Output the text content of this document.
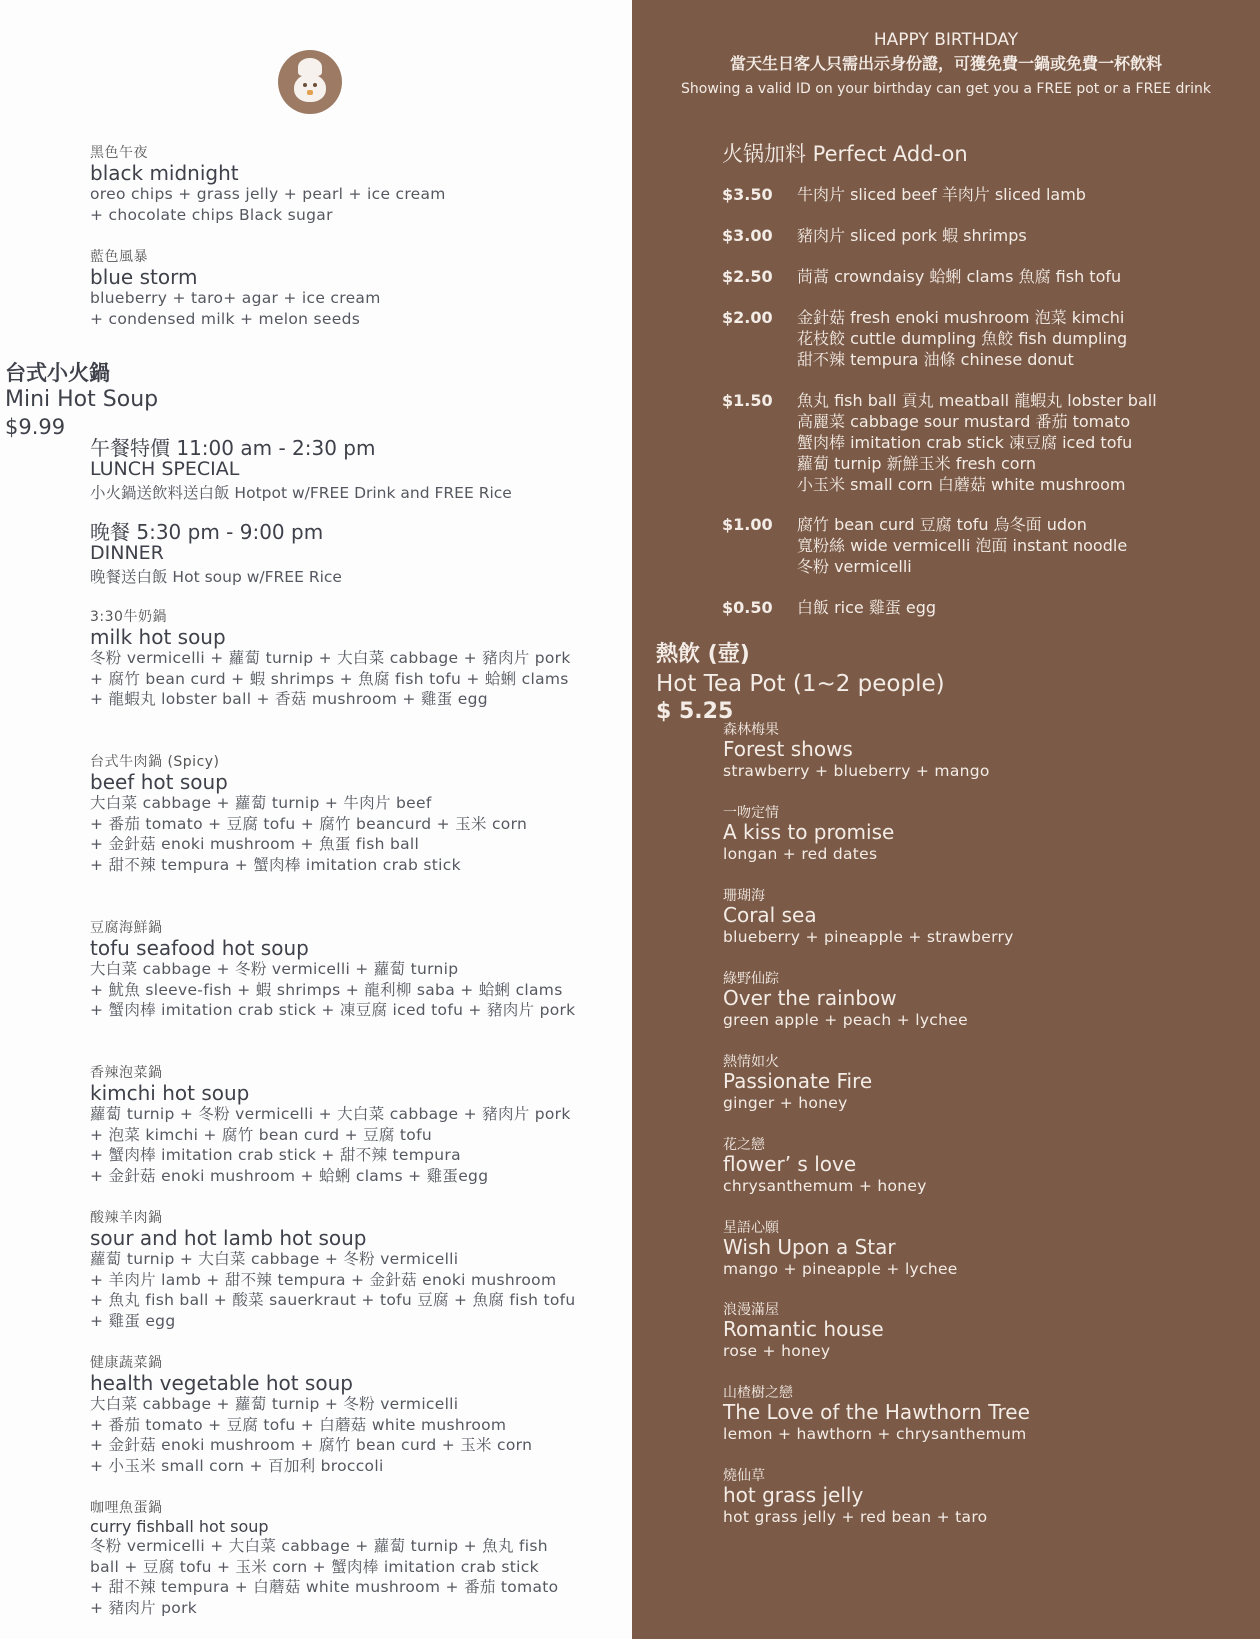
黑色午夜
black midnight
oreo chips + grass jelly + pearl + ice cream
+ chocolate chips Black sugar
藍色風暴
blue storm
blueberry + taro+ agar + ice cream
+ condensed milk + melon seeds
台式小火鍋
Mini Hot Soup
$9.99
午餐特價 11:00 am - 2:30 pm
LUNCH SPECIAL
小火鍋送飲料送白飯 Hotpot w/FREE Drink and FREE Rice
晚餐 5:30 pm - 9:00 pm
DINNER
晚餐送白飯 Hot soup w/FREE Rice
3:30牛奶鍋
milk hot soup
冬粉 vermicelli + 蘿蔔 turnip + 大白菜 cabbage + 豬肉片 pork
+ 腐竹 bean curd + 蝦 shrimps + 魚腐 fish tofu + 蛤蜊 clams
+ 龍蝦丸 lobster ball + 香菇 mushroom + 雞蛋 egg
台式牛肉鍋 (Spicy)
beef hot soup
大白菜 cabbage + 蘿蔔 turnip + 牛肉片 beef
+ 番茄 tomato + 豆腐 tofu + 腐竹 beancurd + 玉米 corn
+ 金針菇 enoki mushroom + 魚蛋 fish ball
+ 甜不辣 tempura + 蟹肉棒 imitation crab stick
豆腐海鮮鍋
tofu seafood hot soup
大白菜 cabbage + 冬粉 vermicelli + 蘿蔔 turnip
+ 魷魚 sleeve-fish + 蝦 shrimps + 龍利柳 saba + 蛤蜊 clams
+ 蟹肉棒 imitation crab stick + 凍豆腐 iced tofu + 豬肉片 pork
香辣泡菜鍋
kimchi hot soup
蘿蔔 turnip + 冬粉 vermicelli + 大白菜 cabbage + 豬肉片 pork
+ 泡菜 kimchi + 腐竹 bean curd + 豆腐 tofu
+ 蟹肉棒 imitation crab stick + 甜不辣 tempura
+ 金針菇 enoki mushroom + 蛤蜊 clams + 雞蛋egg
酸辣羊肉鍋
sour and hot lamb hot soup
蘿蔔 turnip + 大白菜 cabbage + 冬粉 vermicelli
+ 羊肉片 lamb + 甜不辣 tempura + 金針菇 enoki mushroom
+ 魚丸 fish ball + 酸菜 sauerkraut + tofu 豆腐 + 魚腐 fish tofu
+ 雞蛋 egg
健康蔬菜鍋
health vegetable hot soup
大白菜 cabbage + 蘿蔔 turnip + 冬粉 vermicelli
+ 番茄 tomato + 豆腐 tofu + 白蘑菇 white mushroom
+ 金針菇 enoki mushroom + 腐竹 bean curd + 玉米 corn
+ 小玉米 small corn + 百加利 broccoli
咖哩魚蛋鍋
curry fishball hot soup
冬粉 vermicelli + 大白菜 cabbage + 蘿蔔 turnip + 魚丸 fish
ball + 豆腐 tofu + 玉米 corn + 蟹肉棒 imitation crab stick
+ 甜不辣 tempura + 白蘑菇 white mushroom + 番茄 tomato
+ 豬肉片 pork
HAPPY BIRTHDAY
當天生日客人只需出示身份證，可獲免費一鍋或免費一杯飲料
Showing a valid ID on your birthday can get you a FREE pot or a FREE drink
火锅加料 Perfect Add-on
$3.50 牛肉片 sliced beef 羊肉片 sliced lamb
$3.00 豬肉片 sliced pork 蝦 shrimps
$2.50 茼蒿 crowndaisy 蛤蜊 clams 魚腐 fish tofu
$2.00 金針菇 fresh enoki mushroom 泡菜 kimchi
花枝餃 cuttle dumpling 魚餃 fish dumpling
甜不辣 tempura 油條 chinese donut
$1.50 魚丸 fish ball 貢丸 meatball 龍蝦丸 lobster ball
高麗菜 cabbage sour mustard 番茄 tomato
蟹肉棒 imitation crab stick 凍豆腐 iced tofu
蘿蔔 turnip 新鮮玉米 fresh corn
小玉米 small corn 白蘑菇 white mushroom
$1.00 腐竹 bean curd 豆腐 tofu 烏冬面 udon
寬粉絲 wide vermicelli 泡面 instant noodle
冬粉 vermicelli
$0.50 白飯 rice 雞蛋 egg
熱飲 (壺)
Hot Tea Pot (1~2 people)
$ 5.25
森林梅果
Forest shows
strawberry + blueberry + mango
一吻定情
A kiss to promise
longan + red dates
珊瑚海
Coral sea
blueberry + pineapple + strawberry
綠野仙踪
Over the rainbow
green apple + peach + lychee
熱情如火
Passionate Fire
ginger + honey
花之戀
flower’ s love
chrysanthemum + honey
星語心願
Wish Upon a Star
mango + pineapple + lychee
浪漫滿屋
Romantic house
rose + honey
山楂樹之戀
The Love of the Hawthorn Tree
lemon + hawthorn + chrysanthemum
燒仙草
hot grass jelly
hot grass jelly + red bean + taro
